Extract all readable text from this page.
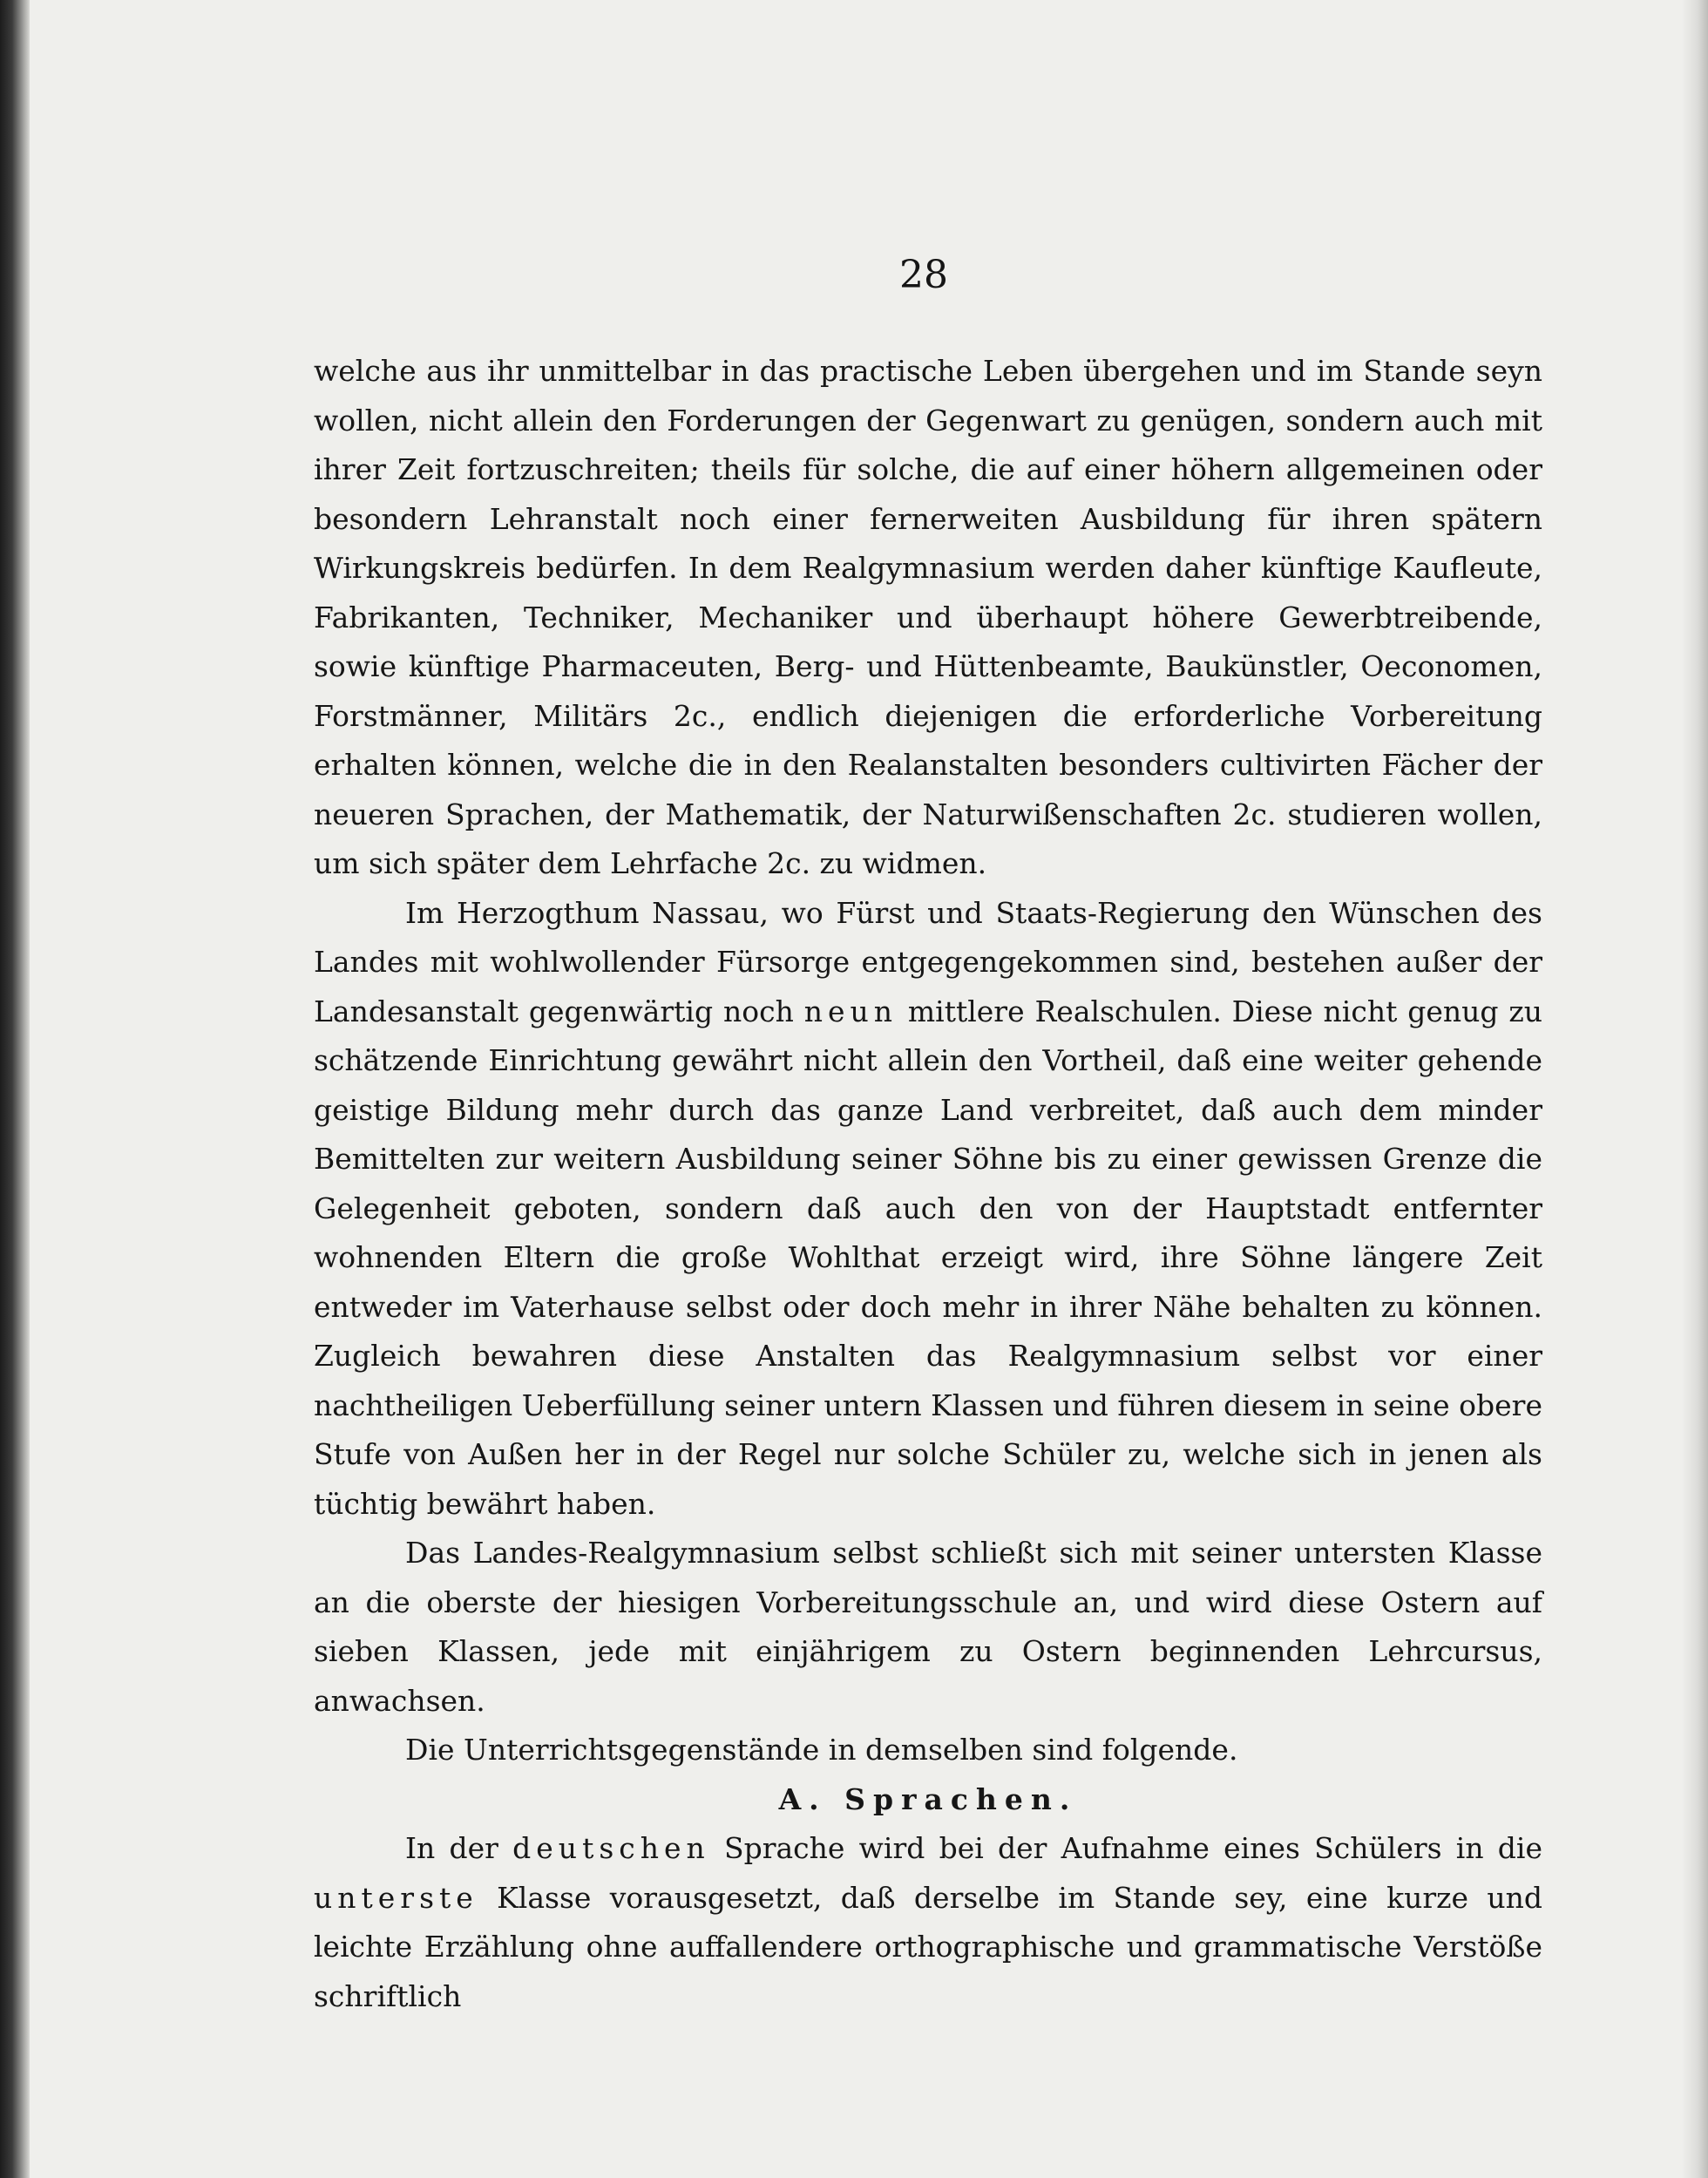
28

welche aus ihr unmittelbar in das practische Leben übergehen und im Stande seyn wollen, nicht allein den Forderungen der Gegenwart zu genügen, sondern auch mit ihrer Zeit fortzuschreiten; theils für solche, die auf einer höhern allgemeinen oder besondern Lehranstalt noch einer fernerweiten Ausbildung für ihren spätern Wirkungskreis bedürfen. In dem Realgymnasium werden daher künftige Kaufleute, Fabrikanten, Techniker, Mechaniker und überhaupt höhere Gewerbtreibende, sowie künftige Pharmaceuten, Berg- und Hüttenbeamte, Baukünstler, Oeconomen, Forstmänner, Militärs 2c., endlich diejenigen die erforderliche Vorbereitung erhalten können, welche die in den Realanstalten besonders cultivirten Fächer der neueren Sprachen, der Mathematik, der Naturwißenschaften 2c. studieren wollen, um sich später dem Lehrfache 2c. zu widmen.

Im Herzogthum Nassau, wo Fürst und Staats-Regierung den Wünschen des Landes mit wohlwollender Fürsorge entgegengekommen sind, bestehen außer der Landesanstalt gegenwärtig noch neun mittlere Realschulen. Diese nicht genug zu schätzende Einrichtung gewährt nicht allein den Vortheil, daß eine weiter gehende geistige Bildung mehr durch das ganze Land verbreitet, daß auch dem minder Bemittelten zur weitern Ausbildung seiner Söhne bis zu einer gewissen Grenze die Gelegenheit geboten, sondern daß auch den von der Hauptstadt entfernter wohnenden Eltern die große Wohlthat erzeigt wird, ihre Söhne längere Zeit entweder im Vaterhause selbst oder doch mehr in ihrer Nähe behalten zu können. Zugleich bewahren diese Anstalten das Realgymnasium selbst vor einer nachtheiligen Ueberfüllung seiner untern Klassen und führen diesem in seine obere Stufe von Außen her in der Regel nur solche Schüler zu, welche sich in jenen als tüchtig bewährt haben.

Das Landes-Realgymnasium selbst schließt sich mit seiner untersten Klasse an die oberste der hiesigen Vorbereitungsschule an, und wird diese Ostern auf sieben Klassen, jede mit einjährigem zu Ostern beginnenden Lehrcursus, anwachsen.

Die Unterrichtsgegenstände in demselben sind folgende.

A. Sprachen.

In der deutschen Sprache wird bei der Aufnahme eines Schülers in die unterste Klasse vorausgesetzt, daß derselbe im Stande sey, eine kurze und leichte Erzählung ohne auffallendere orthographische und grammatische Verstöße schriftlich
